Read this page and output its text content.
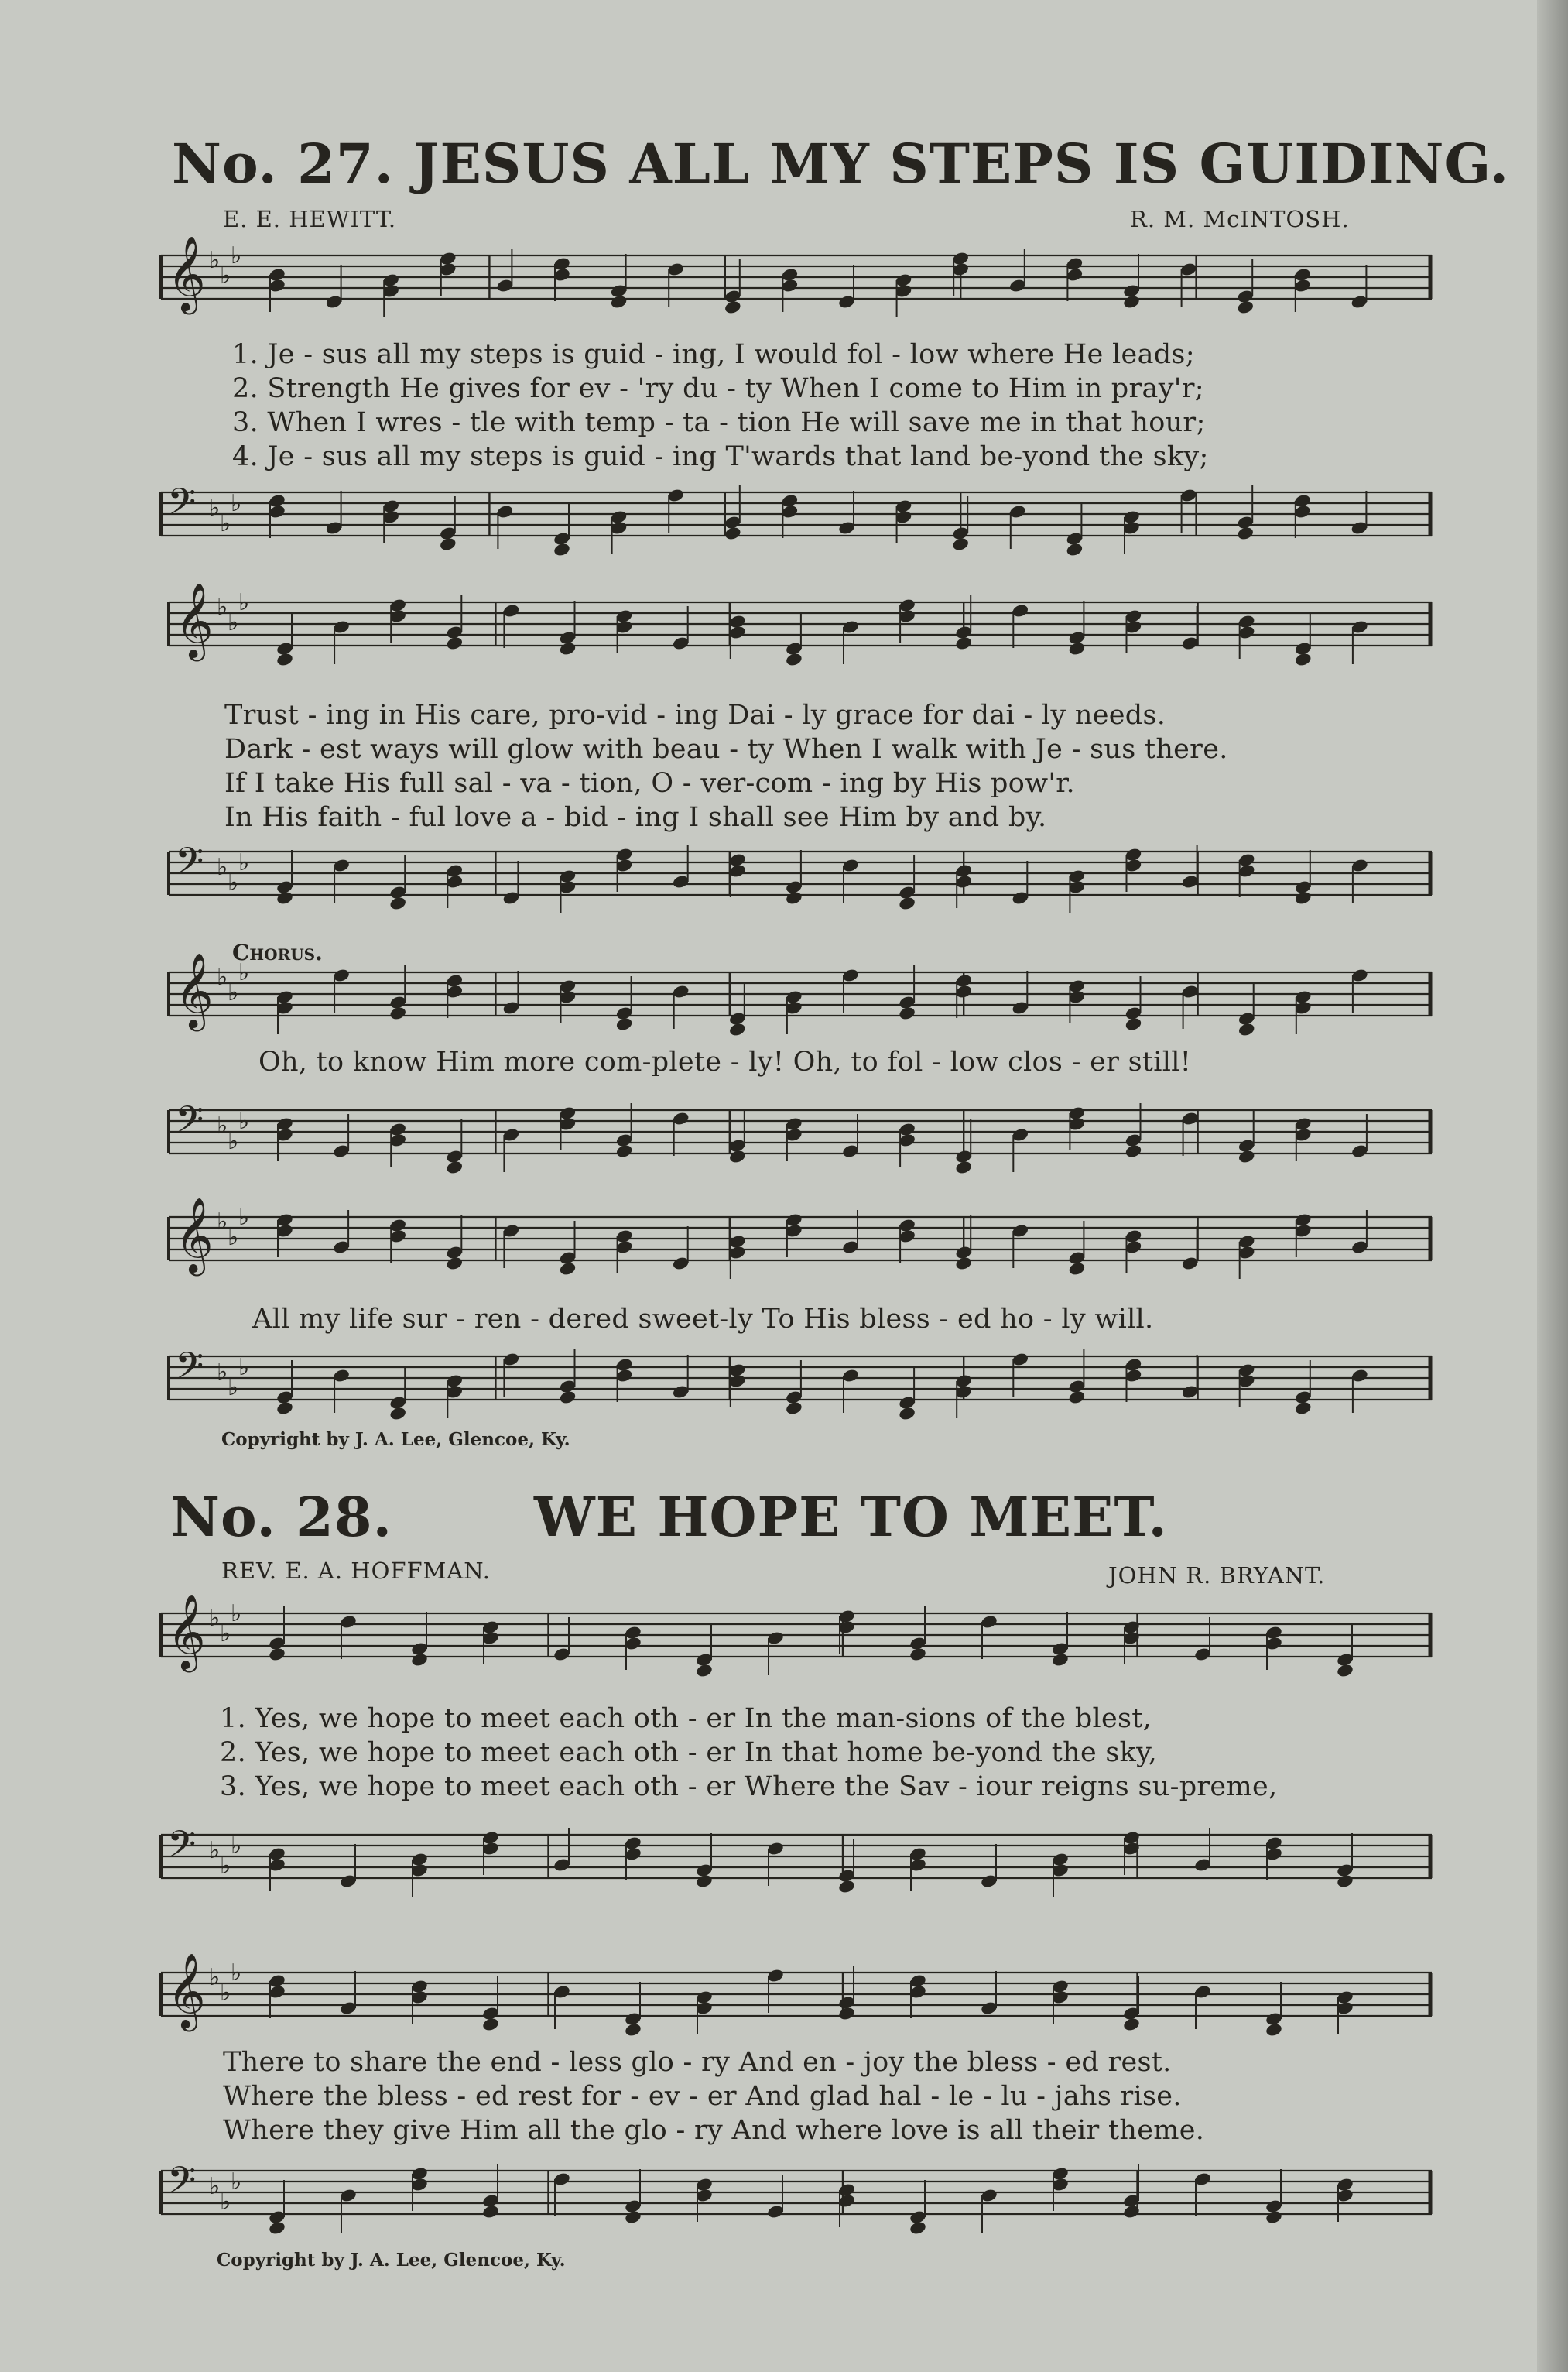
No. 27. JESUS ALL MY STEPS IS GUIDING.
E. E. HEWITT.	R. M. McINTOSH.
𝄞 ♭
♭
♭
1. Je - sus all my steps is guid - ing, I would fol - low where He leads;
2. Strength He gives for ev - 'ry du - ty When I come to Him in pray'r;
3. When I wres - tle with temp - ta - tion He will save me in that hour;
4. Je - sus all my steps is guid - ing T'wards that land be-yond the sky;
𝄢 ♭
♭
♭
𝄞 ♭
♭
♭
Trust - ing in His care, pro-vid - ing Dai - ly grace for dai - ly needs.
Dark - est ways will glow with beau - ty When I walk with Je - sus there.
If I take His full sal - va - tion, O - ver-com - ing by His pow'r.
In His faith - ful love a - bid - ing I shall see Him by and by.
𝄢 ♭
♭
♭
Chorus.
𝄞 ♭
♭
♭
Oh, to know Him more com-plete - ly! Oh, to fol - low clos - er still!
𝄢 ♭
♭
♭
𝄞 ♭
♭
♭
All my life sur - ren - dered sweet-ly To His bless - ed ho - ly will.
𝄢 ♭
♭
♭
Copyright by J. A. Lee, Glencoe, Ky.
No. 28.	WE HOPE TO MEET.
REV. E. A. HOFFMAN.	JOHN R. BRYANT.
𝄞 ♭
♭
♭
1. Yes, we hope to meet each oth - er In the man-sions of the blest,
2. Yes, we hope to meet each oth - er In that home be-yond the sky,
3. Yes, we hope to meet each oth - er Where the Sav - iour reigns su-preme,
𝄢 ♭
♭
♭
𝄞 ♭
♭
♭
There to share the end - less glo - ry And en - joy the bless - ed rest.
Where the bless - ed rest for - ev - er And glad hal - le - lu - jahs rise.
Where they give Him all the glo - ry And where love is all their theme.
𝄢 ♭
♭
♭
Copyright by J. A. Lee, Glencoe, Ky.
